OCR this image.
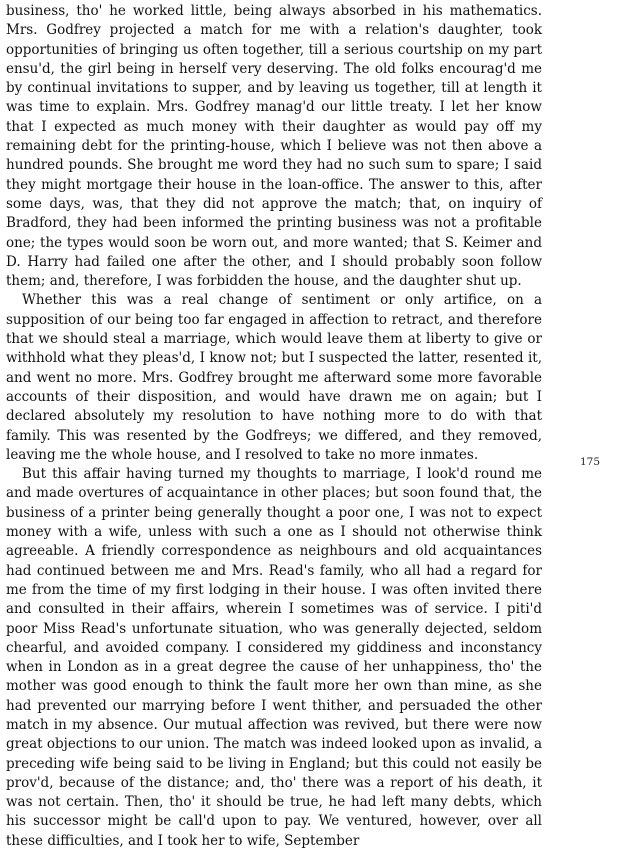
business, tho' he worked little, being always absorbed in his mathematics. Mrs. Godfrey projected a match for me with a relation's daughter, took opportunities of bringing us often together, till a serious courtship on my part ensu'd, the girl being in herself very deserving. The old folks encourag'd me by continual invitations to supper, and by leaving us together, till at length it was time to explain. Mrs. Godfrey manag'd our little treaty. I let her know that I expected as much money with their daughter as would pay off my remaining debt for the printing-house, which I believe was not then above a hundred pounds. She brought me word they had no such sum to spare; I said they might mortgage their house in the loan-office. The answer to this, after some days, was, that they did not approve the match; that, on inquiry of Bradford, they had been informed the printing business was not a profitable one; the types would soon be worn out, and more wanted; that S. Keimer and D. Harry had failed one after the other, and I should probably soon follow them; and, therefore, I was forbidden the house, and the daughter shut up.

Whether this was a real change of sentiment or only artifice, on a supposition of our being too far engaged in affection to retract, and therefore that we should steal a marriage, which would leave them at liberty to give or withhold what they pleas'd, I know not; but I suspected the latter, resented it, and went no more. Mrs. Godfrey brought me afterward some more favorable accounts of their disposition, and would have drawn me on again; but I declared absolutely my resolution to have nothing more to do with that family. This was resented by the Godfreys; we differed, and they removed, leaving me the whole house, and I resolved to take no more inmates.

But this affair having turned my thoughts to marriage, I look'd round me and made overtures of acquaintance in other places; but soon found that, the business of a printer being generally thought a poor one, I was not to expect money with a wife, unless with such a one as I should not otherwise think agreeable. A friendly correspondence as neighbours and old acquaintances had continued between me and Mrs. Read's family, who all had a regard for me from the time of my first lodging in their house. I was often invited there and consulted in their affairs, wherein I sometimes was of service. I piti'd poor Miss Read's unfortunate situation, who was generally dejected, seldom chearful, and avoided company. I considered my giddiness and inconstancy when in London as in a great degree the cause of her unhappiness, tho' the mother was good enough to think the fault more her own than mine, as she had prevented our marrying before I went thither, and persuaded the other match in my absence. Our mutual affection was revived, but there were now great objections to our union. The match was indeed looked upon as invalid, a preceding wife being said to be living in England; but this could not easily be prov'd, because of the distance; and, tho' there was a report of his death, it was not certain. Then, tho' it should be true, he had left many debts, which his successor might be call'd upon to pay. We ventured, however, over all these difficulties, and I took her to wife, September

175
